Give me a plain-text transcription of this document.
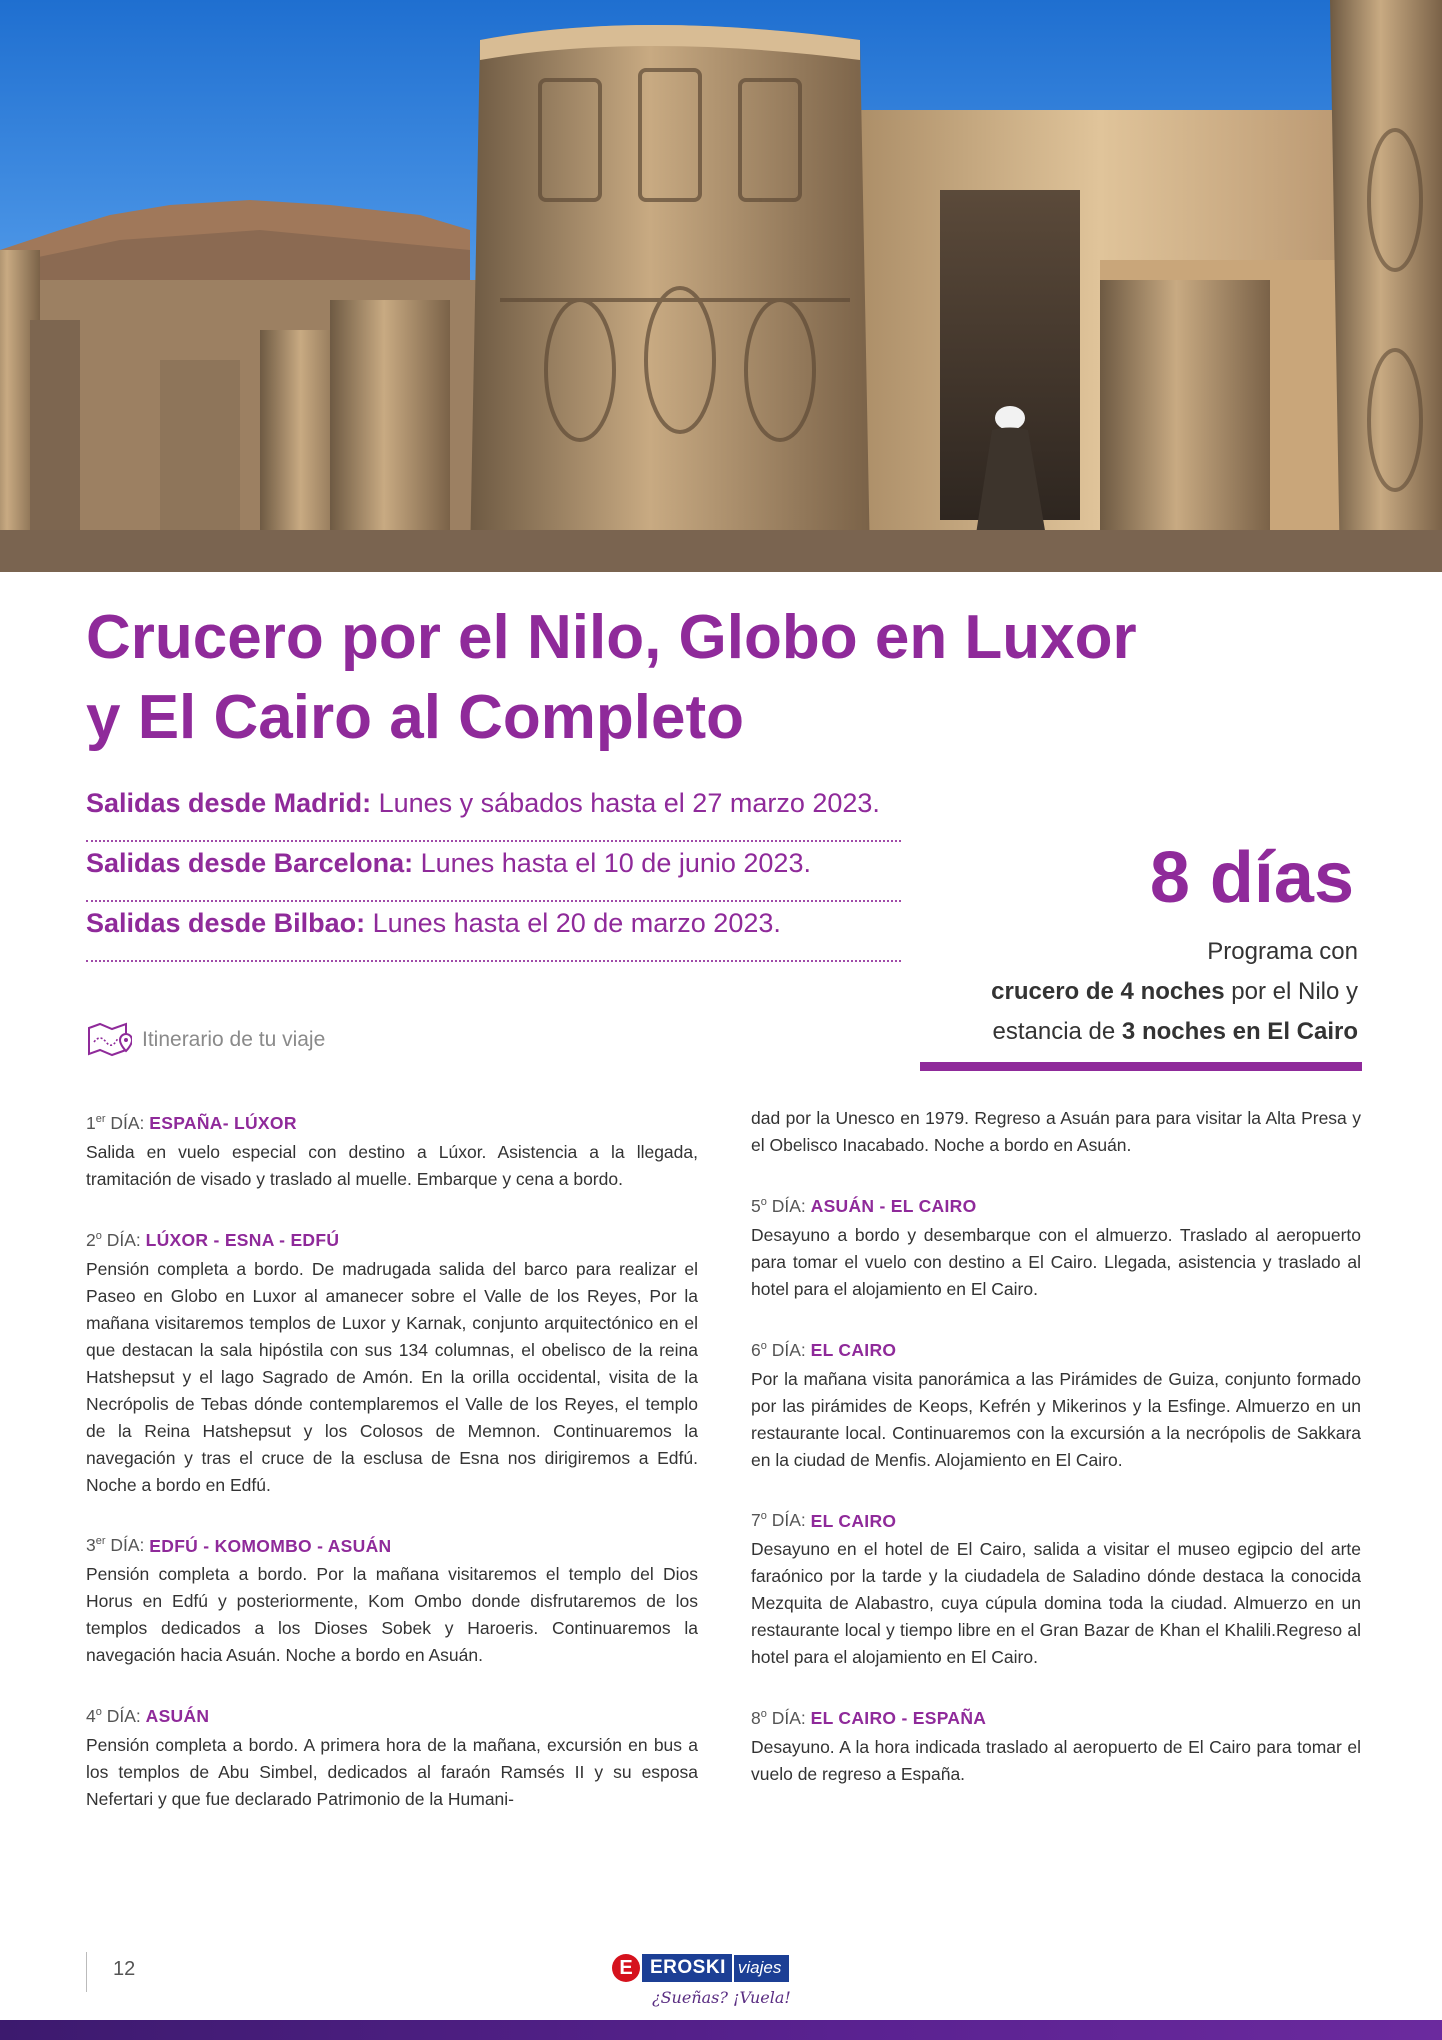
Crucero por el Nilo, Globo en Luxor
y El Cairo al Completo
Salidas desde Madrid: Lunes y sábados hasta el 27 marzo 2023.
Salidas desde Barcelona: Lunes hasta el 10 de junio 2023.
Salidas desde Bilbao: Lunes hasta el 20 de marzo 2023.
8 días
Programa con
crucero de 4 noches por el Nilo y
estancia de 3 noches en El Cairo
Itinerario de tu viaje
1er DÍA: ESPAÑA- LÚXOR
Salida en vuelo especial con destino a Lúxor. Asistencia a la llegada, tramitación de visado y traslado al muelle. Embarque y cena a bordo.
2$^o$ DÍA: LÚXOR - ESNA - EDFÚ
Pensión completa a bordo. De madrugada salida del barco para realizar el Paseo en Globo en Luxor al amanecer sobre el Valle de los Reyes, Por la mañana visitaremos templos de Luxor y Karnak, conjunto arquitectónico en el que destacan la sala hipóstila con sus 134 columnas, el obelisco de la reina Hatshepsut y el lago Sagrado de Amón. En la orilla occidental, visita de la Necrópolis de Tebas dónde contemplaremos el Valle de los Reyes, el templo de la Reina Hatshepsut y los Colosos de Memnon. Continuaremos la navegación y tras el cruce de la esclusa de Esna nos dirigiremos a Edfú. Noche a bordo en Edfú.
3er DÍA: EDFÚ - KOMOMBO - ASUÁN
Pensión completa a bordo. Por la mañana visitaremos el templo del Dios Horus en Edfú y posteriormente, Kom Ombo donde disfrutaremos de los templos dedicados a los Dioses Sobek y Haroeris. Continuaremos la navegación hacia Asuán. Noche a bordo en Asuán.
4$^o$ DÍA: ASUÁN
Pensión completa a bordo. A primera hora de la mañana, excursión en bus a los templos de Abu Simbel, dedicados al faraón Ramsés II y su esposa Nefertari y que fue declarado Patrimonio de la Humani-
dad por la Unesco en 1979. Regreso a Asuán para para visitar la Alta Presa y el Obelisco Inacabado. Noche a bordo en Asuán.
5$^o$ DÍA: ASUÁN - EL CAIRO
Desayuno a bordo y desembarque con el almuerzo. Traslado al aeropuerto para tomar el vuelo con destino a El Cairo. Llegada, asistencia y traslado al hotel para el alojamiento en El Cairo.
6$^o$ DÍA: EL CAIRO
Por la mañana visita panorámica a las Pirámides de Guiza, conjunto formado por las pirámides de Keops, Kefrén y Mikerinos y la Esfinge. Almuerzo en un restaurante local. Continuaremos con la excursión a la necrópolis de Sakkara en la ciudad de Menfis. Alojamiento en El Cairo.
7$^o$ DÍA: EL CAIRO
Desayuno en el hotel de El Cairo, salida a visitar el museo egipcio del arte faraónico por la tarde y la ciudadela de Saladino dónde destaca la conocida Mezquita de Alabastro, cuya cúpula domina toda la ciudad. Almuerzo en un restaurante local y tiempo libre en el Gran Bazar de Khan el Khalili.Regreso al hotel para el alojamiento en El Cairo.
8$^o$ DÍA: EL CAIRO - ESPAÑA
Desayuno. A la hora indicada traslado al aeropuerto de El Cairo para tomar el vuelo de regreso a España.
12	E EROSKI viajes
¿Sueñas? ¡Vuela!
